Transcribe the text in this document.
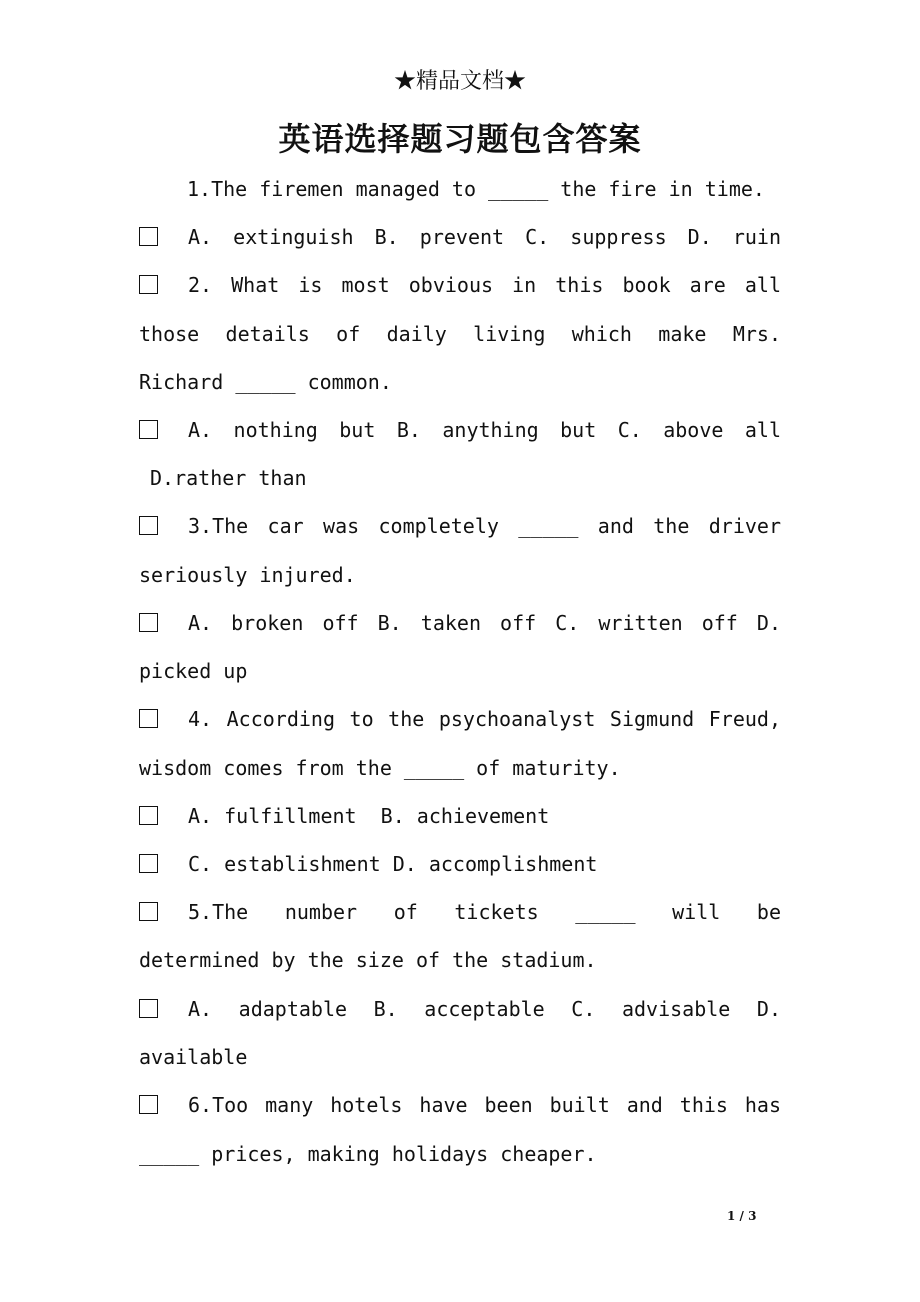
★精品文档★
英语选择题习题包含答案
1.The firemen managed to _____ the fire in time.
A. extinguish B. prevent C. suppress D. ruin
2. What is most obvious in this book are all
those details of daily living which make Mrs.
Richard _____ common.
A. nothing but B. anything but C. above all
D.rather than
3.The car was completely _____ and the driver
seriously injured.
A. broken off B. taken off C. written off D.
picked up
4. According to the psychoanalyst Sigmund Freud,
wisdom comes from the _____ of maturity.
A. fulfillment  B. achievement
C. establishment D. accomplishment
5.The number of tickets _____ will be
determined by the size of the stadium.
A. adaptable B. acceptable C. advisable D.
available
6.Too many hotels have been built and this has
_____ prices, making holidays cheaper.
1 / 3
